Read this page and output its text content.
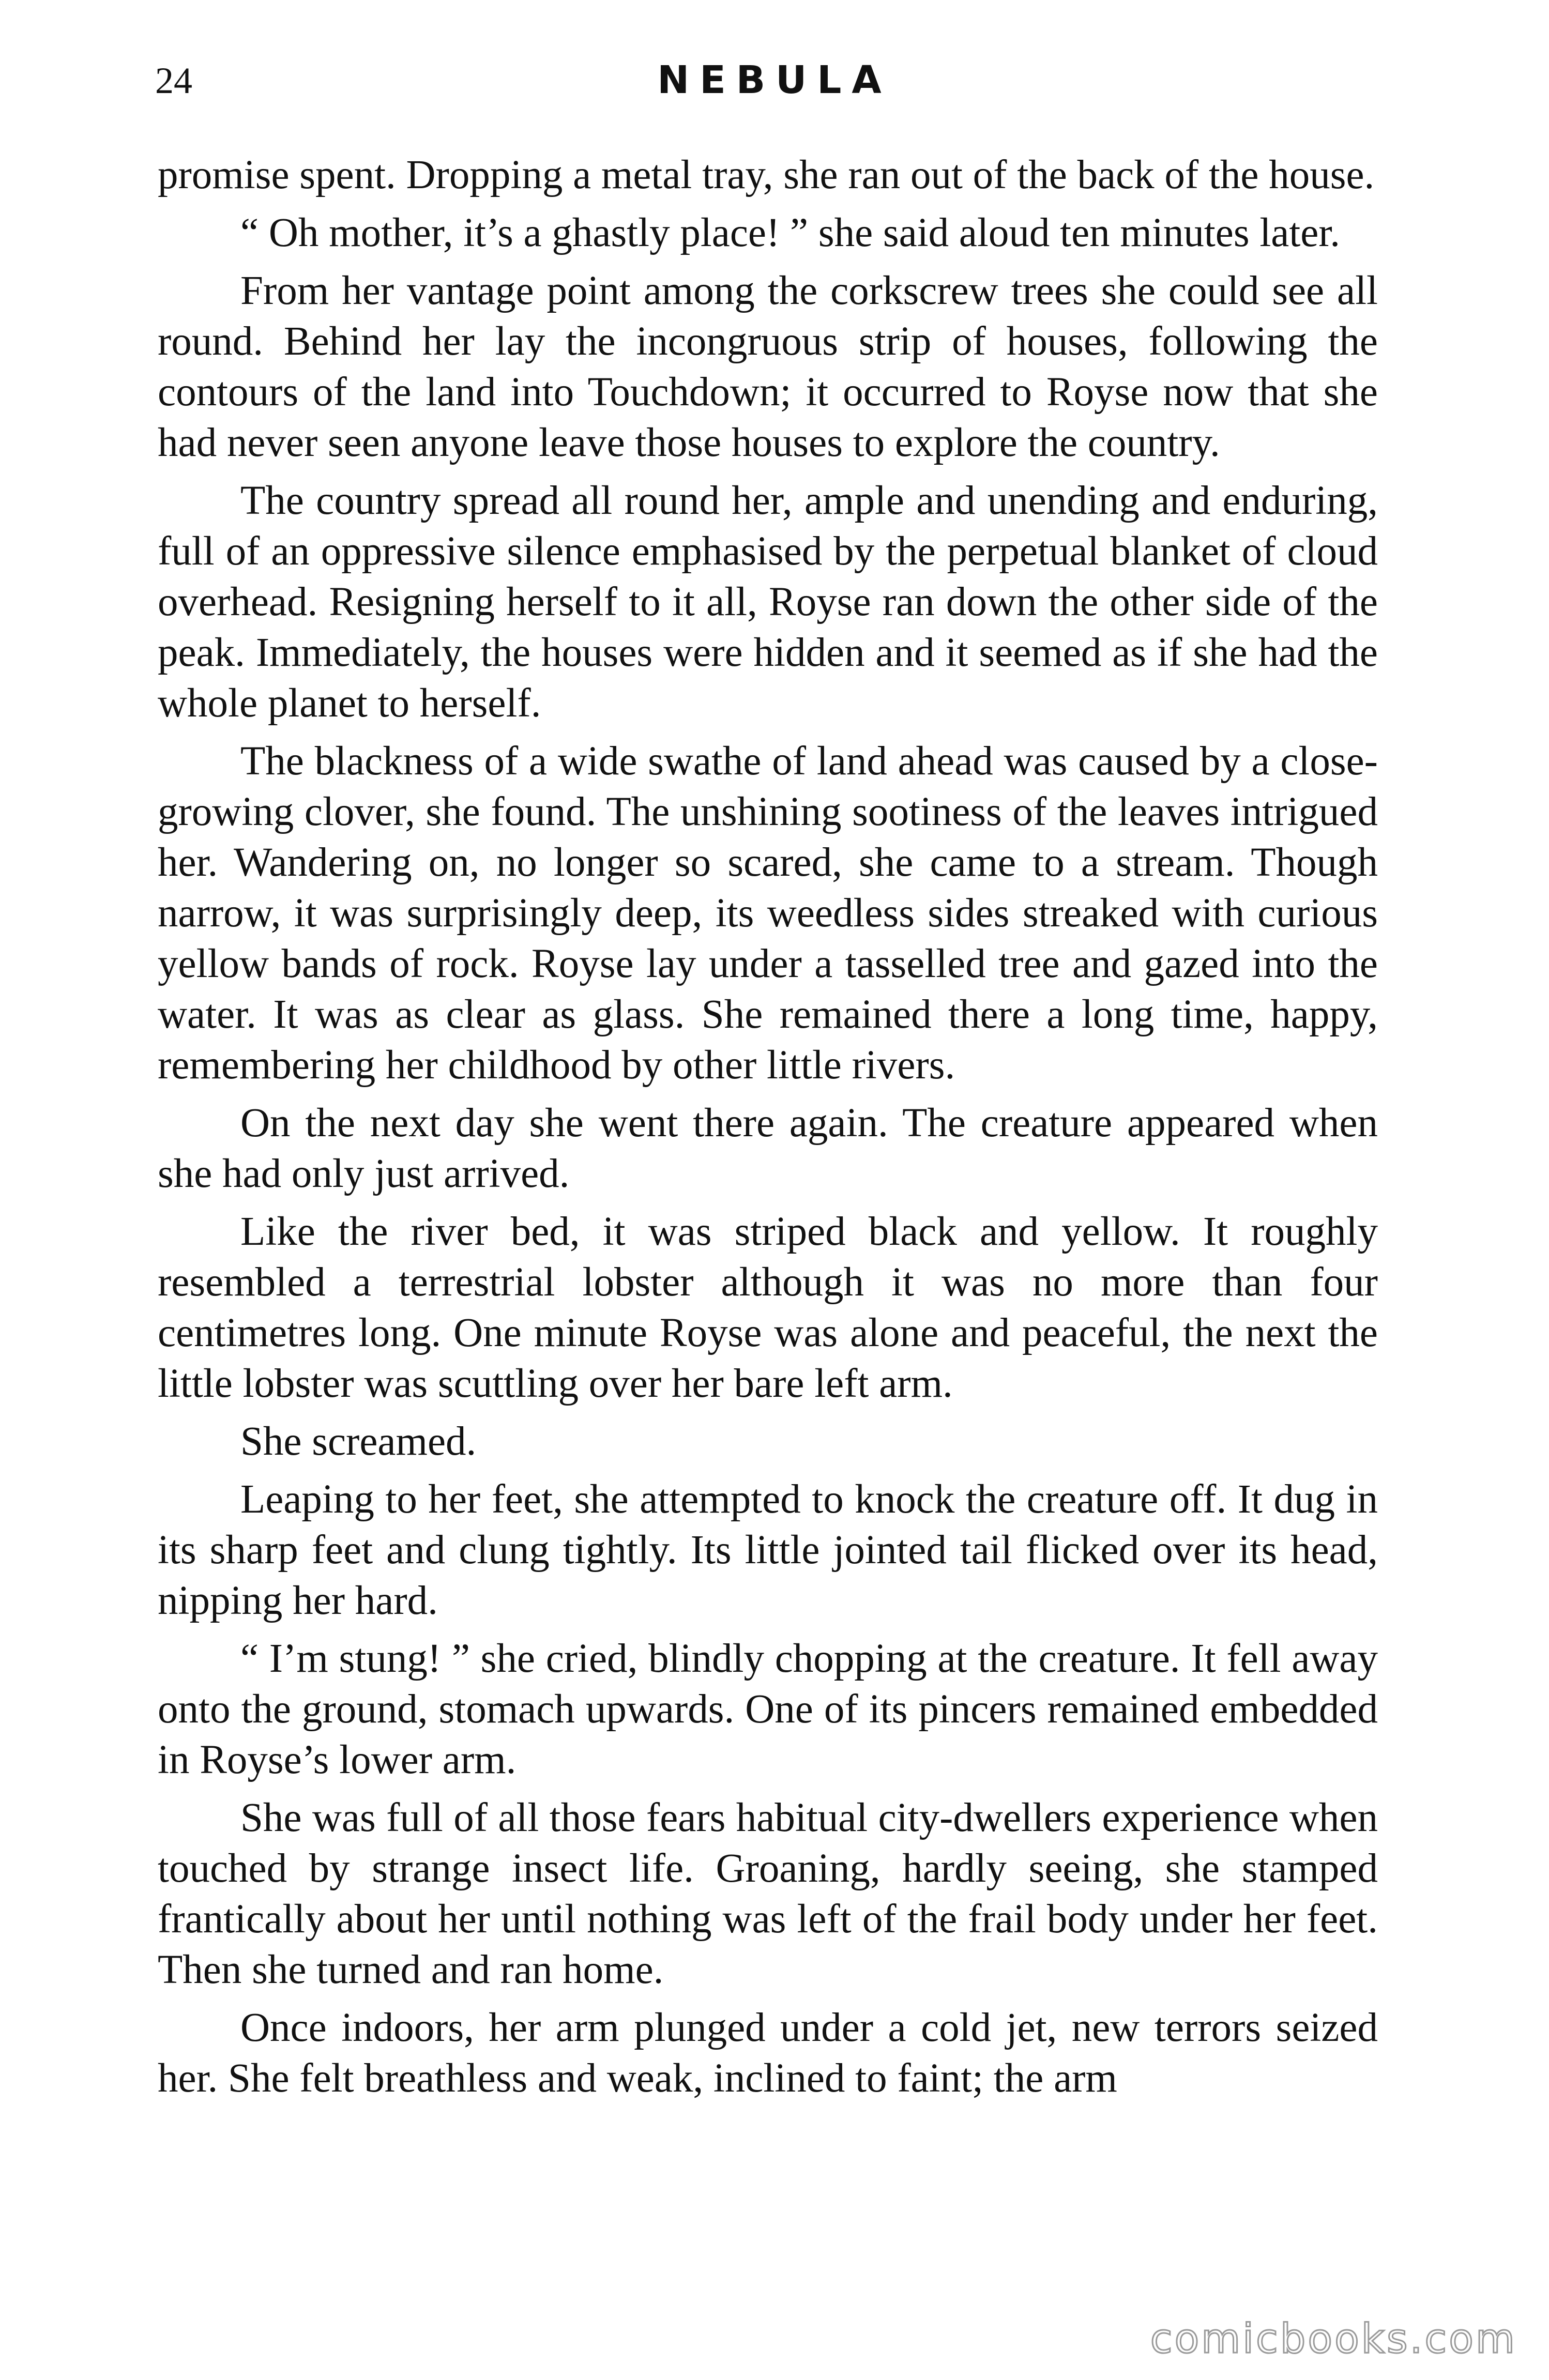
24	NEBULA

promise spent. Dropping a metal tray, she ran out of the back of the house.

“ Oh mother, it’s a ghastly place! ” she said aloud ten minutes later.

From her vantage point among the corkscrew trees she could see all round. Behind her lay the incongruous strip of houses, following the contours of the land into Touchdown; it occurred to Royse now that she had never seen anyone leave those houses to explore the country.

The country spread all round her, ample and unending and enduring, full of an oppressive silence emphasised by the perpetual blanket of cloud overhead. Resigning herself to it all, Royse ran down the other side of the peak. Immediately, the houses were hidden and it seemed as if she had the whole planet to herself.

The blackness of a wide swathe of land ahead was caused by a close-growing clover, she found. The unshining sootiness of the leaves intrigued her. Wandering on, no longer so scared, she came to a stream. Though narrow, it was surprisingly deep, its weedless sides streaked with curious yellow bands of rock. Royse lay under a tasselled tree and gazed into the water. It was as clear as glass. She remained there a long time, happy, remembering her childhood by other little rivers.

On the next day she went there again. The creature appeared when she had only just arrived.

Like the river bed, it was striped black and yellow. It roughly resembled a terrestrial lobster although it was no more than four centimetres long. One minute Royse was alone and peaceful, the next the little lobster was scuttling over her bare left arm.

She screamed.

Leaping to her feet, she attempted to knock the creature off. It dug in its sharp feet and clung tightly. Its little jointed tail flicked over its head, nipping her hard.

“ I’m stung! ” she cried, blindly chopping at the creature. It fell away onto the ground, stomach upwards. One of its pincers remained embedded in Royse’s lower arm.

She was full of all those fears habitual city-dwellers experience when touched by strange insect life. Groaning, hardly seeing, she stamped frantically about her until nothing was left of the frail body under her feet. Then she turned and ran home.

Once indoors, her arm plunged under a cold jet, new terrors seized her. She felt breathless and weak, inclined to faint; the arm

comicbooks.com
